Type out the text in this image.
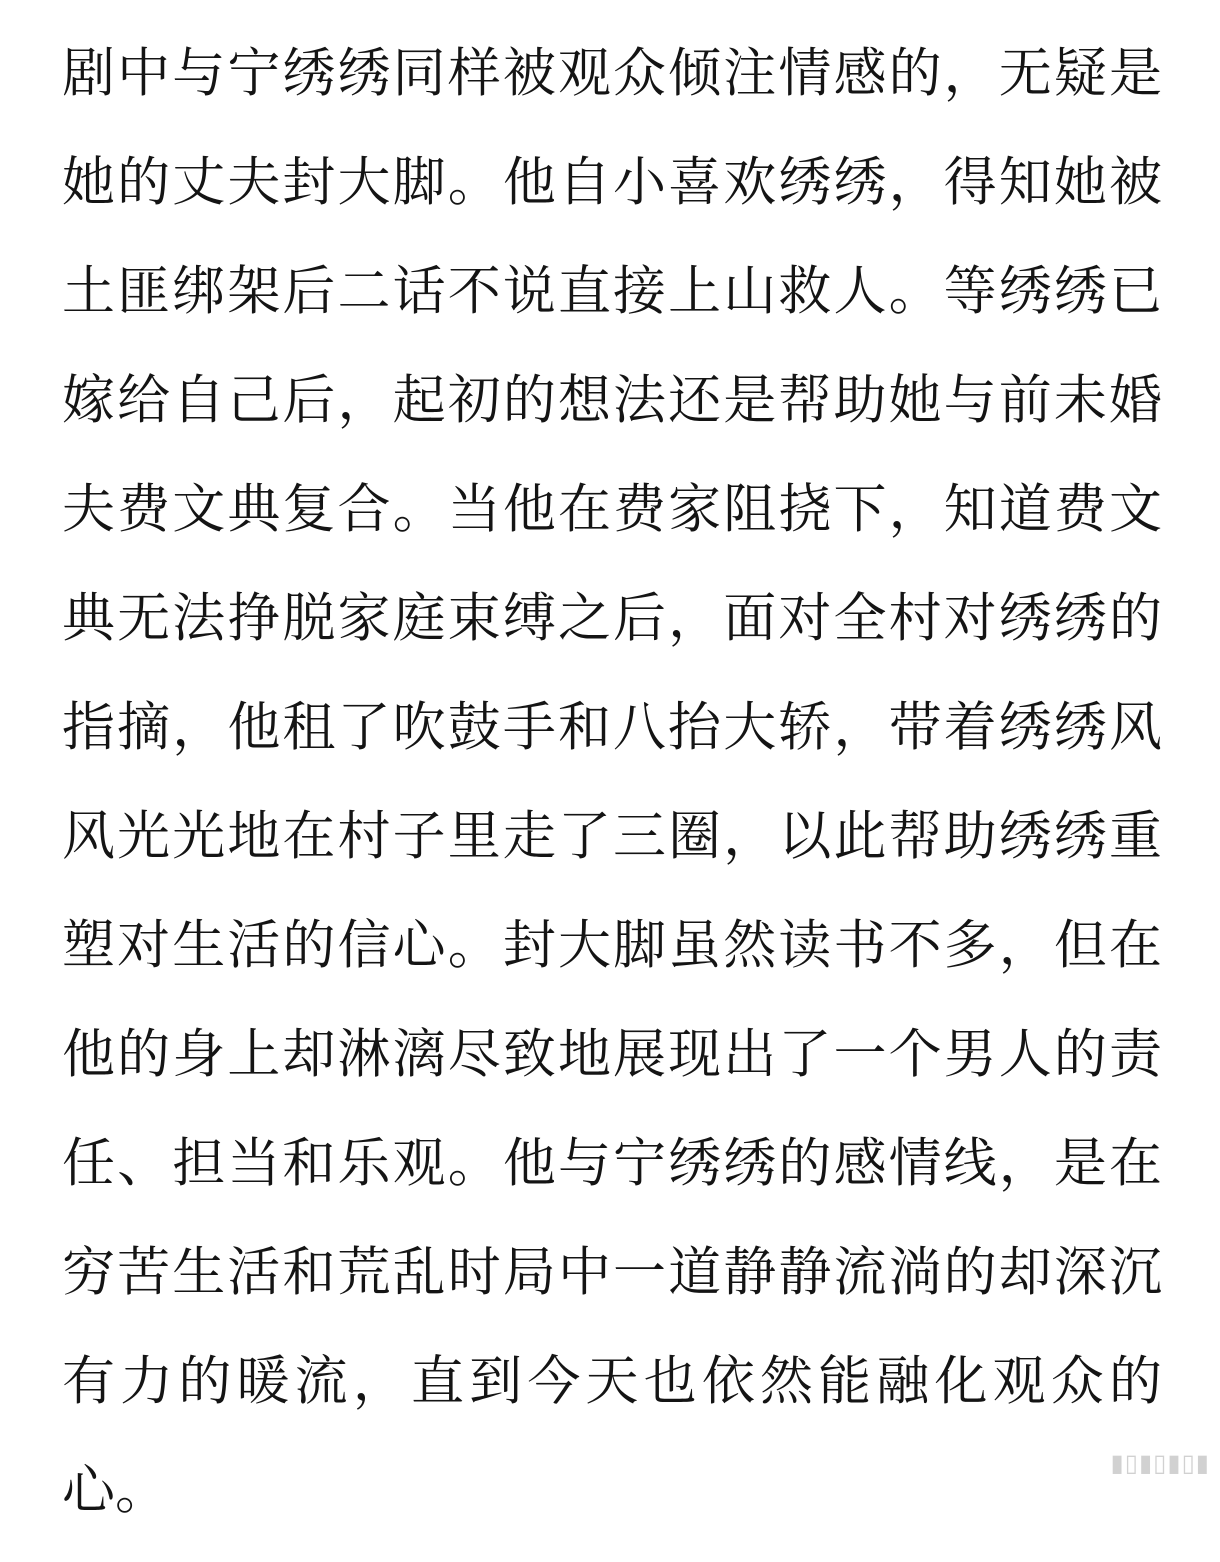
剧中与宁绣绣同样被观众倾注情感的，无疑是
她的丈夫封大脚。他自小喜欢绣绣，得知她被
土匪绑架后二话不说直接上山救人。等绣绣已
嫁给自己后，起初的想法还是帮助她与前未婚
夫费文典复合。当他在费家阻挠下，知道费文
典无法挣脱家庭束缚之后，面对全村对绣绣的
指摘，他租了吹鼓手和八抬大轿，带着绣绣风
风光光地在村子里走了三圈，以此帮助绣绣重
塑对生活的信心。封大脚虽然读书不多，但在
他的身上却淋漓尽致地展现出了一个男人的责
任、担当和乐观。他与宁绣绣的感情线，是在
穷苦生活和荒乱时局中一道静静流淌的却深沉
有力的暖流，直到今天也依然能融化观众的
心。	▮▯▮▯▮▯▮
